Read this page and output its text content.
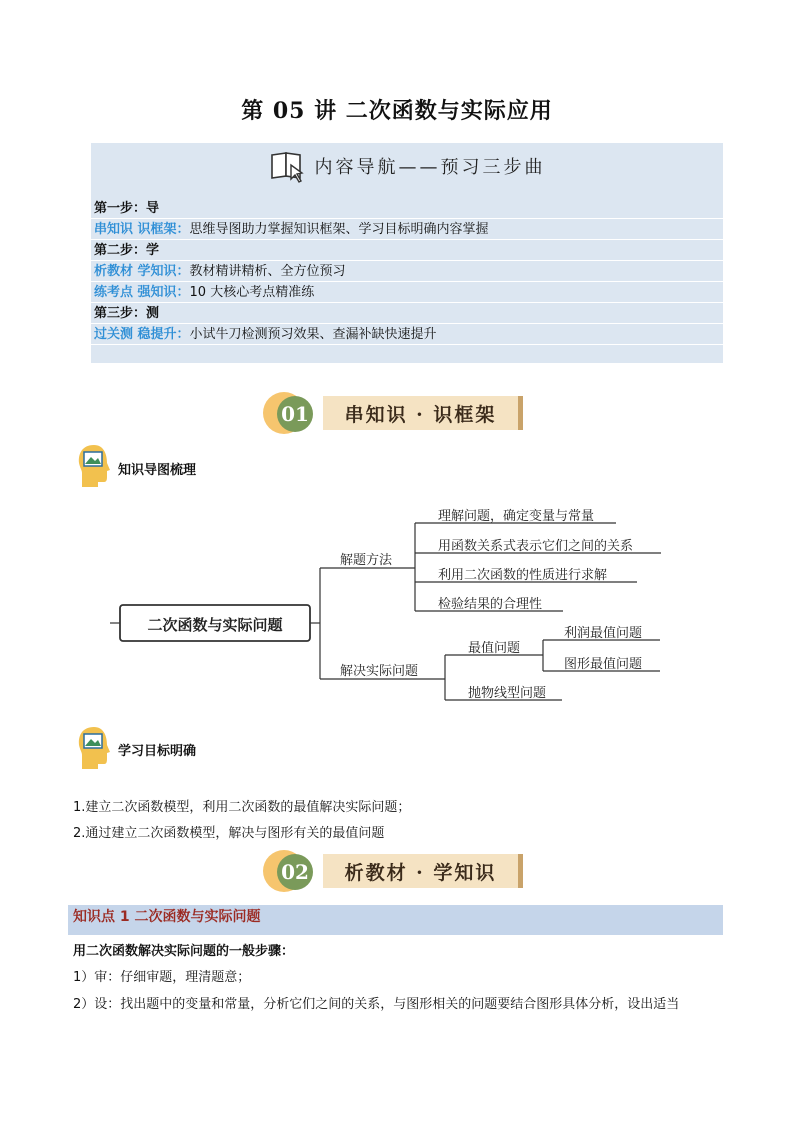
第 05 讲 二次函数与实际应用
内容导航——预习三步曲
第一步：导
串知识 识框架：思维导图助力掌握知识框架、学习目标明确内容掌握
第二步：学
析教材 学知识：教材精讲精析、全方位预习
练考点 强知识：10 大核心考点精准练
第三步：测
过关测 稳提升：小试牛刀检测预习效果、查漏补缺快速提升
01	串知识 · 识框架
知识导图梳理
二次函数与实际问题
解题方法
理解问题，确定变量与常量
用函数关系式表示它们之间的关系
利用二次函数的性质进行求解
检验结果的合理性
解决实际问题
最值问题
利润最值问题
图形最值问题
抛物线型问题
学习目标明确
1.建立二次函数模型，利用二次函数的最值解决实际问题；
2.通过建立二次函数模型，解决与图形有关的最值问题
02	析教材 · 学知识
知识点 1 二次函数与实际问题
用二次函数解决实际问题的一般步骤：
1）审：仔细审题，理清题意；
2）设：找出题中的变量和常量，分析它们之间的关系，与图形相关的问题要结合图形具体分析，设出适当
